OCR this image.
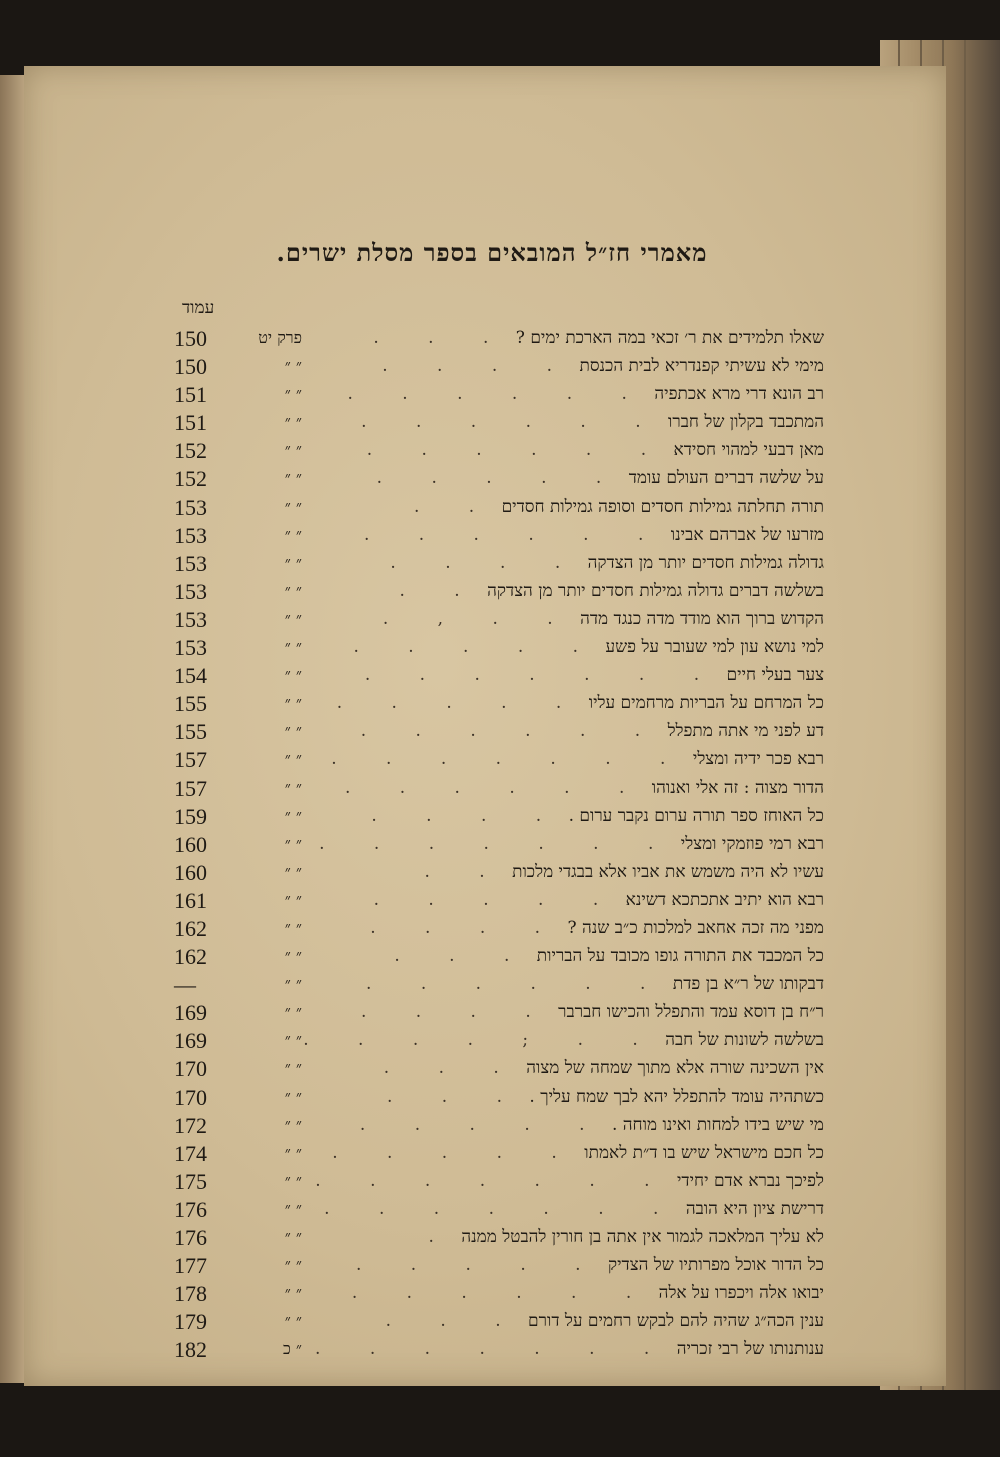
מאמרי חז״ל המובאים בספר מסלת ישרים.
עמוד
שאלו תלמידים את ר׳ זכאי במה הארכת ימים ? . . .
פרק יט
150
מימי לא עשיתי קפנדריא לבית הכנסת . . . .
״ ״
150
רב הונא דרי מרא אכתפיה . . . . . .
״ ״
151
המתכבד בקלון של חברו . . . . . .
״ ״
151
מאן דבעי למהוי חסידא . . . . . .
״ ״
152
על שלשה דברים העולם עומד . . . . .
״ ״
152
תורה תחלתה גמילות חסדים וסופה גמילות חסדים . .
״ ״
153
מזרעו של אברהם אבינו . . . . . .
״ ״
153
גדולה גמילות חסדים יותר מן הצדקה . . . .
״ ״
153
בשלשה דברים גדולה גמילות חסדים יותר מן הצדקה . .
״ ״
153
הקדוש ברוך הוא מודד מדה כנגד מדה . . , .
״ ״
153
למי נושא עון למי שעובר על פשע . . . . .
״ ״
153
צער בעלי חיים . . . . . . .
״ ״
154
כל המרחם על הבריות מרחמים עליו . . . . .
״ ״
155
דע לפני מי אתה מתפלל . . . . . .
״ ״
155
רבא פכר ידיה ומצלי . . . . . . .
״ ״
157
הדור מצוה : זה אלי ואנוהו . . . . . .
״ ״
157
כל האוחז ספר תורה ערום נקבר ערום . . . . .
״ ״
159
רבא רמי פוזמקי ומצלי . . . . . . .
״ ״
160
עשיו לא היה משמש את אביו אלא בבגדי מלכות . .
״ ״
160
רבא הוא יתיב אתכתכא דשינא . . . . .
״ ״
161
מפני מה זכה אחאב למלכות כ״ב שנה ? . . . .
״ ״
162
כל המכבד את התורה גופו מכובד על הבריות . . .
״ ״
162
דבקותו של ר״א בן פדת . . . . . .
״ ״
—
ר״ח בן דוסא עמד והתפלל והכישו חברבר . . . .
״ ״
169
בשלשה לשונות של חבה . . ; . . . .
״ ״
169
אין השכינה שורה אלא מתוך שמחה של מצוה . . .
״ ״
170
כשתהיה עומד להתפלל יהא לבך שמח עליך . . . .
״ ״
170
מי שיש בידו למחות ואינו מוחה . . . . . .
״ ״
172
כל חכם מישראל שיש בו ד״ת לאמתו . . . . .
״ ״
174
לפיכך נברא אדם יחידי . . . . . . .
״ ״
175
דרישת ציון היא הובה . . . . . . .
״ ״
176
לא עליך המלאכה לגמור אין אתה בן חורין להבטל ממנה .
״ ״
176
כל הדור אוכל מפרותיו של הצדיק . . . . .
״ ״
177
יבואו אלה ויכפרו על אלה . . . . . .
״ ״
178
ענין הכה״ג שהיה להם לבקש רחמים על דורם . . .
״ ״
179
ענותנותו של רבי זכריה . . . . . . .
״ כ
182
